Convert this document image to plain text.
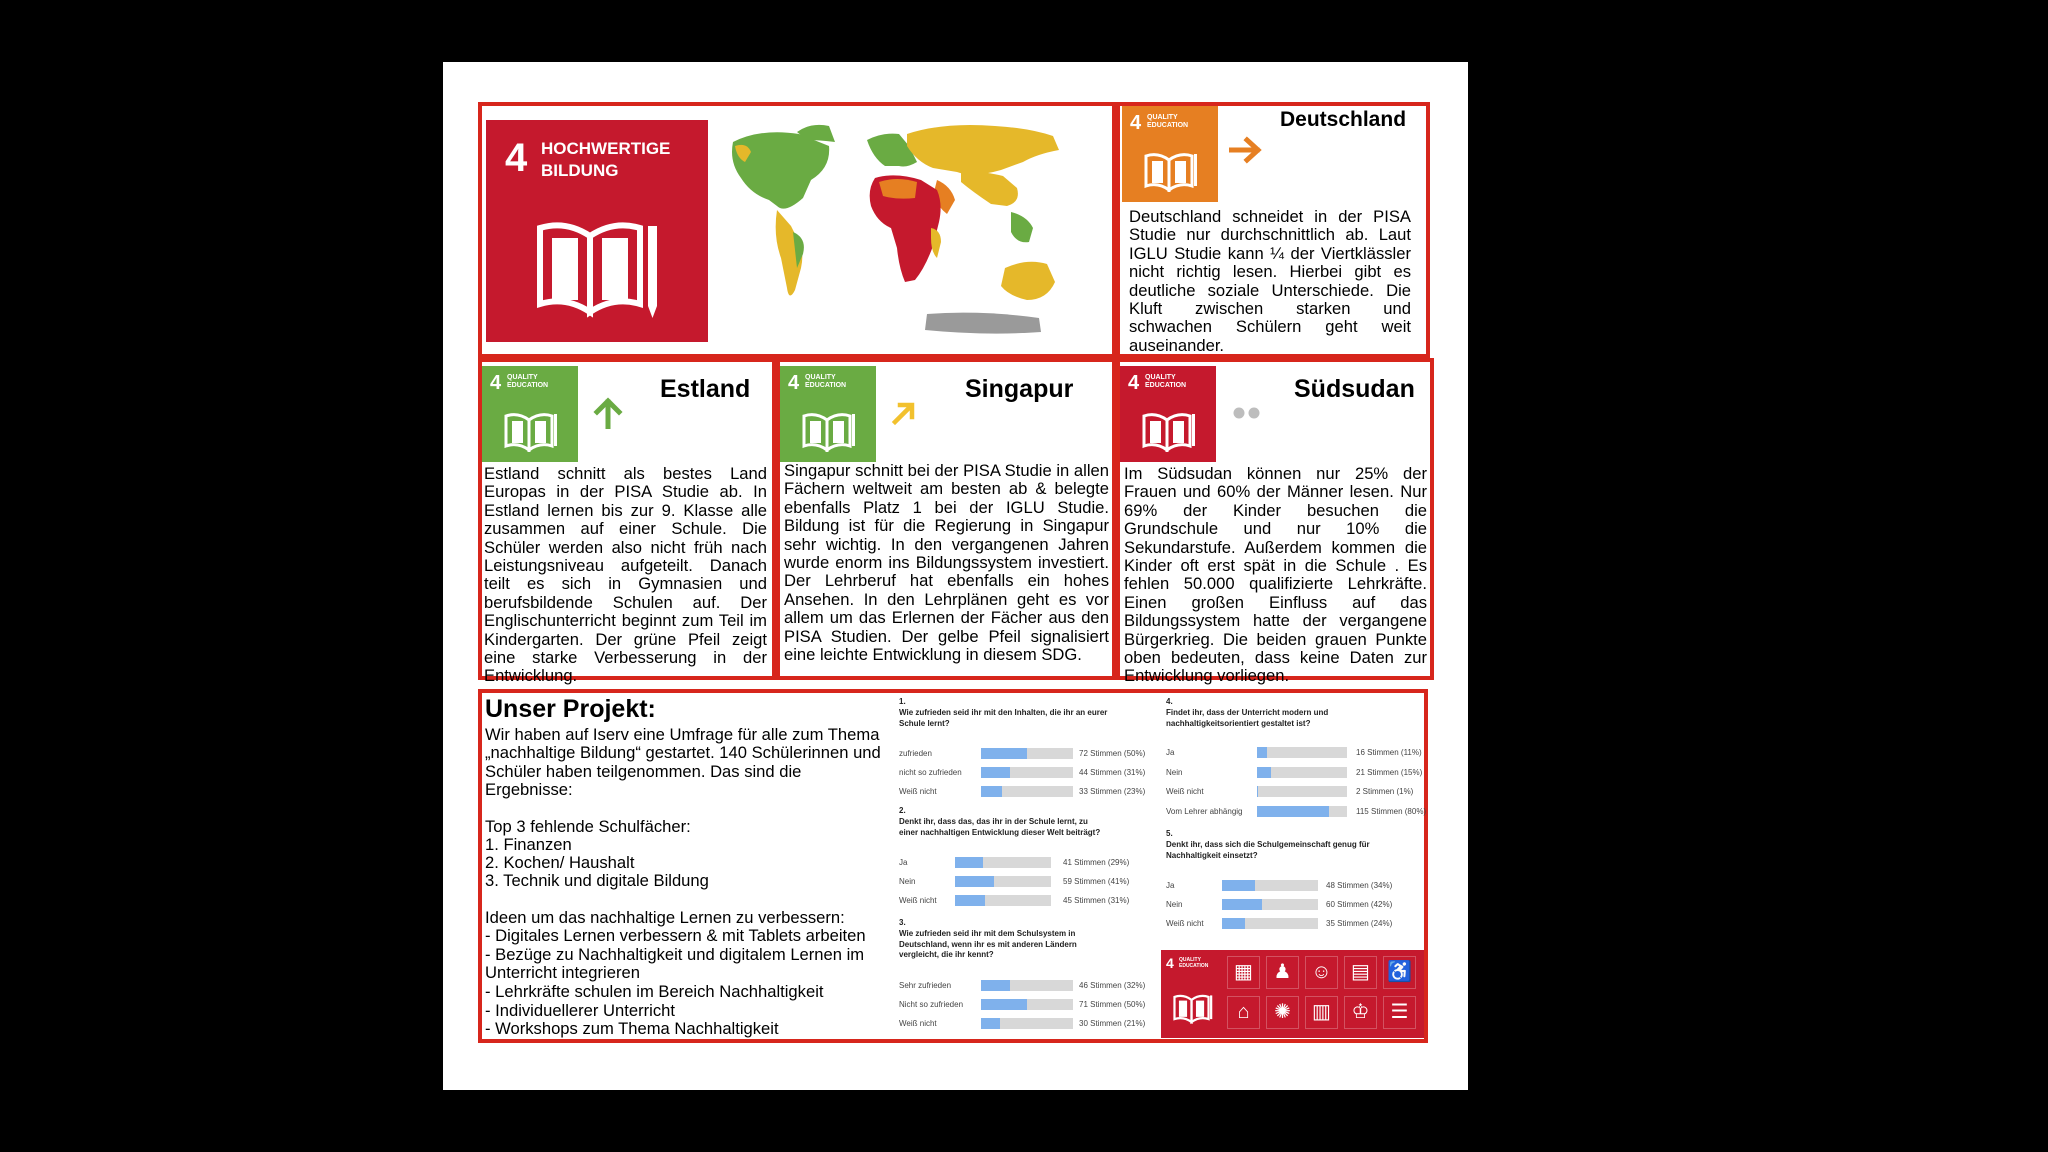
4 HOCHWERTIGE BILDUNG
4 QUALITY
EDUCATION	Deutschland
Deutschland schneidet in der PISA Studie nur durchschnittlich ab. Laut IGLU Studie kann ¼ der Viertklässler nicht richtig lesen. Hierbei gibt es deutliche soziale Unterschiede. Die Kluft zwischen starken und schwachen Schülern geht weit auseinander.
4 QUALITY
EDUCATION	Estland
Estland schnitt als bestes Land Europas in der PISA Studie ab. In Estland lernen bis zur 9. Klasse alle zusammen auf einer Schule. Die Schüler werden also nicht früh nach Leistungsniveau aufgeteilt. Danach teilt es sich in Gymnasien und berufsbildende Schulen auf. Der Englischunterricht beginnt zum Teil im Kindergarten. Der grüne Pfeil zeigt eine starke Verbesserung in der Entwicklung.
4 QUALITY
EDUCATION	Singapur
Singapur schnitt bei der PISA Studie in allen Fächern weltweit am besten ab & belegte ebenfalls Platz 1 bei der IGLU Studie. Bildung ist für die Regierung in Singapur sehr wichtig. In den vergangenen Jahren wurde enorm ins Bildungssystem investiert. Der Lehrberuf hat ebenfalls ein hohes Ansehen. In den Lehrplänen geht es vor allem um das Erlernen der Fächer aus den PISA Studien. Der gelbe Pfeil signalisiert eine leichte Entwicklung in diesem SDG.
4 QUALITY
EDUCATION	Südsudan
Im Südsudan können nur 25% der Frauen und 60% der Männer lesen. Nur 69% der Kinder besuchen die Grundschule und nur 10% die Sekundarstufe. Außerdem kommen die Kinder oft erst spät in die Schule . Es fehlen 50.000 qualifizierte Lehrkräfte. Einen großen Einfluss auf das Bildungssystem hatte der vergangene Bürgerkrieg. Die beiden grauen Punkte oben bedeuten, dass keine Daten zur Entwicklung vorliegen.
Unser Projekt:
Wir haben auf Iserv eine Umfrage für alle zum Thema „nachhaltige Bildung“ gestartet. 140 Schülerinnen und Schüler haben teilgenommen. Das sind die Ergebnisse:
Top 3 fehlende Schulfächer:
1. Finanzen
2. Kochen/ Haushalt
3. Technik und digitale Bildung
Ideen um das nachhaltige Lernen zu verbessern:
- Digitales Lernen verbessern & mit Tablets arbeiten
- Bezüge zu Nachhaltigkeit und digitalem Lernen im Unterricht integrieren
- Lehrkräfte schulen im Bereich Nachhaltigkeit
- Individuellerer Unterricht
- Workshops zum Thema Nachhaltigkeit
1.
Wie zufrieden seid ihr mit den Inhalten, die ihr an eurer Schule lernt?
zufrieden	72 Stimmen (50%)
nicht so zufrieden	44 Stimmen (31%)
Weiß nicht	33 Stimmen (23%)
2.
Denkt ihr, dass das, das ihr in der Schule lernt, zu einer nachhaltigen Entwicklung dieser Welt beiträgt?
Ja	41 Stimmen (29%)
Nein	59 Stimmen (41%)
Weiß nicht	45 Stimmen (31%)
3.
Wie zufrieden seid ihr mit dem Schulsystem in Deutschland, wenn ihr es mit anderen Ländern vergleicht, die ihr kennt?
Sehr zufrieden	46 Stimmen (32%)
Nicht so zufrieden	71 Stimmen (50%)
Weiß nicht	30 Stimmen (21%)
4.
Findet ihr, dass der Unterricht modern und nachhaltigkeitsorientiert gestaltet ist?
Ja	16 Stimmen (11%)
Nein	21 Stimmen (15%)
Weiß nicht	2 Stimmen (1%)
Vom Lehrer abhängig	115 Stimmen (80%)
5.
Denkt ihr, dass sich die Schulgemeinschaft genug für Nachhaltigkeit einsetzt?
Ja	48 Stimmen (34%)
Nein	60 Stimmen (42%)
Weiß nicht	35 Stimmen (24%)
4 QUALITY
EDUCATION	▦	♟ ☺ ▤ ♿
⌂	✺	▥	♔	☰
